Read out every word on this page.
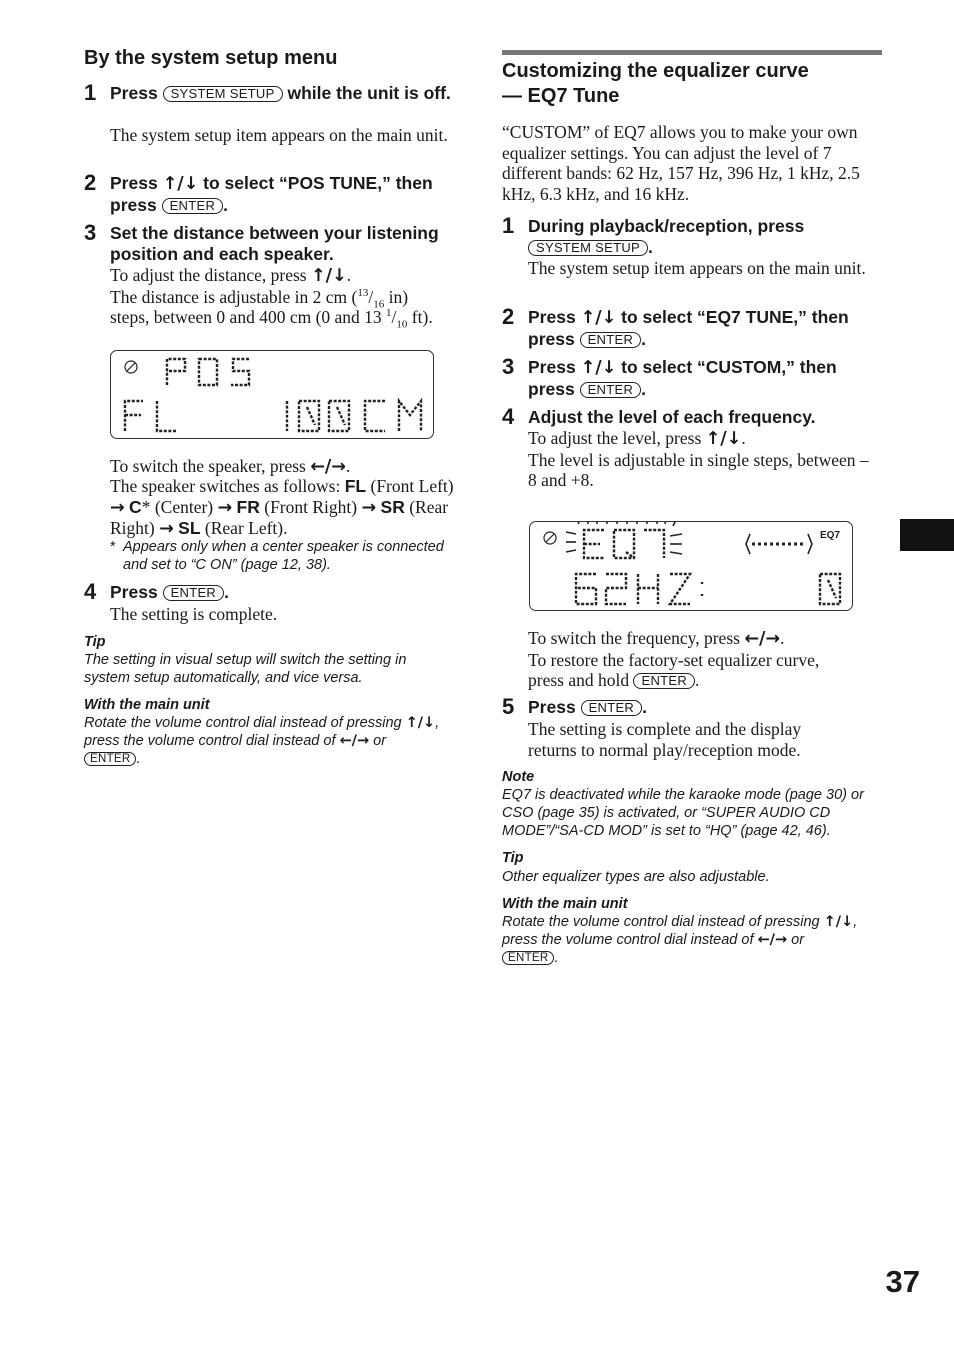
By the system setup menu
1 Press SYSTEM SETUP while the unit is off.
The system setup item appears on the main unit.
2 Press ↑/↓ to select “POS TUNE,” then
press ENTER .
3 Set the distance between your listening position and each speaker.
To adjust the distance, press ↑/↓.
The distance is adjustable in 2 cm ($^{13}/_{16}$ in)
steps, between 0 and 400 cm (0 and 13 $^1/_{10}$ ft).
To switch the speaker, press ←/→.
The speaker switches as follows: FL (Front Left) → C* (Center) → FR (Front Right) → SR (Rear Right) → SL (Rear Left).
* Appears only when a center speaker is connected and set to “C ON” (page 12, 38).
4 Press ENTER .
The setting is complete.
Tip
The setting in visual setup will switch the setting in system setup automatically, and vice versa.
With the main unit
Rotate the volume control dial instead of pressing ↑/↓, press the volume control dial instead of ←/→ or
ENTER .
Customizing the equalizer curve
— EQ7 Tune
“CUSTOM” of EQ7 allows you to make your own equalizer settings. You can adjust the level of 7 different bands: 62 Hz, 157 Hz, 396 Hz, 1 kHz, 2.5 kHz, 6.3 kHz, and 16 kHz.
1 During playback/reception, press
SYSTEM SETUP .
The system setup item appears on the main unit.
2 Press ↑/↓ to select “EQ7 TUNE,” then
press ENTER .
3 Press ↑/↓ to select “CUSTOM,” then
press ENTER .
4 Adjust the level of each frequency.
To adjust the level, press ↑/↓.
The level is adjustable in single steps, between –8 and +8.
EQ7
To switch the frequency, press ←/→.
To restore the factory-set equalizer curve,
press and hold ENTER .
5 Press ENTER .
The setting is complete and the display returns to normal play/reception mode.
Note
EQ7 is deactivated while the karaoke mode (page 30) or CSO (page 35) is activated, or “SUPER AUDIO CD MODE”/“SA-CD MOD” is set to “HQ” (page 42, 46).
Tip
Other equalizer types are also adjustable.
With the main unit
Rotate the volume control dial instead of pressing ↑/↓, press the volume control dial instead of ←/→ or
ENTER .
37
